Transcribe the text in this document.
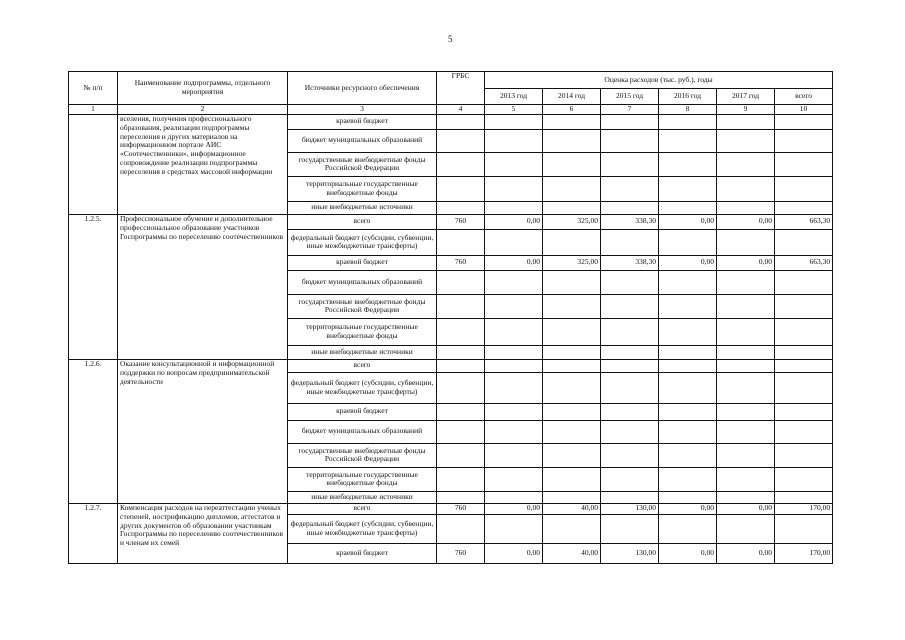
5
№ п/п	Наименование подпрограммы, отдельного мероприятия	Источники ресурсного обеспечения	ГРБС	Оценка расходов (тыс. руб.), годы					
				2013 год	2014 год	2015 год	2016 год	2017 год	всего
1	2	3	4	5	6	7	8	9	10
	вселения, получения профессионального образования, реализации подпрограммы переселения и других материалов на информационном портале АИС «Соотечественники», информационное сопровождение реализации подпрограммы переселения в средствах массовой информации	краевой бюджет							
		бюджет муниципальных образований							
		государственные внебюджетные фонды Российской Федерации							
		территориальные государственные внебюджетные фонды							
		иные внебюджетные источники							
1.2.5.	Профессиональное обучение и дополнительное профессиональное образование участников Госпрограммы по переселению соотечественников	всего	760	0,00	325,00	338,30	0,00	0,00	663,30
		федеральный бюджет (субсидии, субвенции, иные межбюджетные трансферты)							
		краевой бюджет	760	0,00	325,00	338,30	0,00	0,00	663,30
		бюджет муниципальных образований							
		государственные внебюджетные фонды Российской Федерации							
		территориальные государственные внебюджетные фонды							
		иные внебюджетные источники							
1.2.6.	Оказание консультационной и информационной поддержки по вопросам предпринимательской деятельности	всего							
		федеральный бюджет (субсидии, субвенции, иные межбюджетные трансферты)							
		краевой бюджет							
		бюджет муниципальных образований							
		государственные внебюджетные фонды Российской Федерации							
		территориальные государственные внебюджетные фонды							
		иные внебюджетные источники							
1.2.7.	Компенсация расходов на переаттестацию ученых степеней, нострификацию дипломов, аттестатов и других документов об образовании участникам Госпрограммы по переселению соотечественников и членам их семей	всего	760	0,00	40,00	130,00	0,00	0,00	170,00
		федеральный бюджет (субсидии, субвенции, иные межбюджетные трансферты)							
		краевой бюджет	760	0,00	40,00	130,00	0,00	0,00	170,00
